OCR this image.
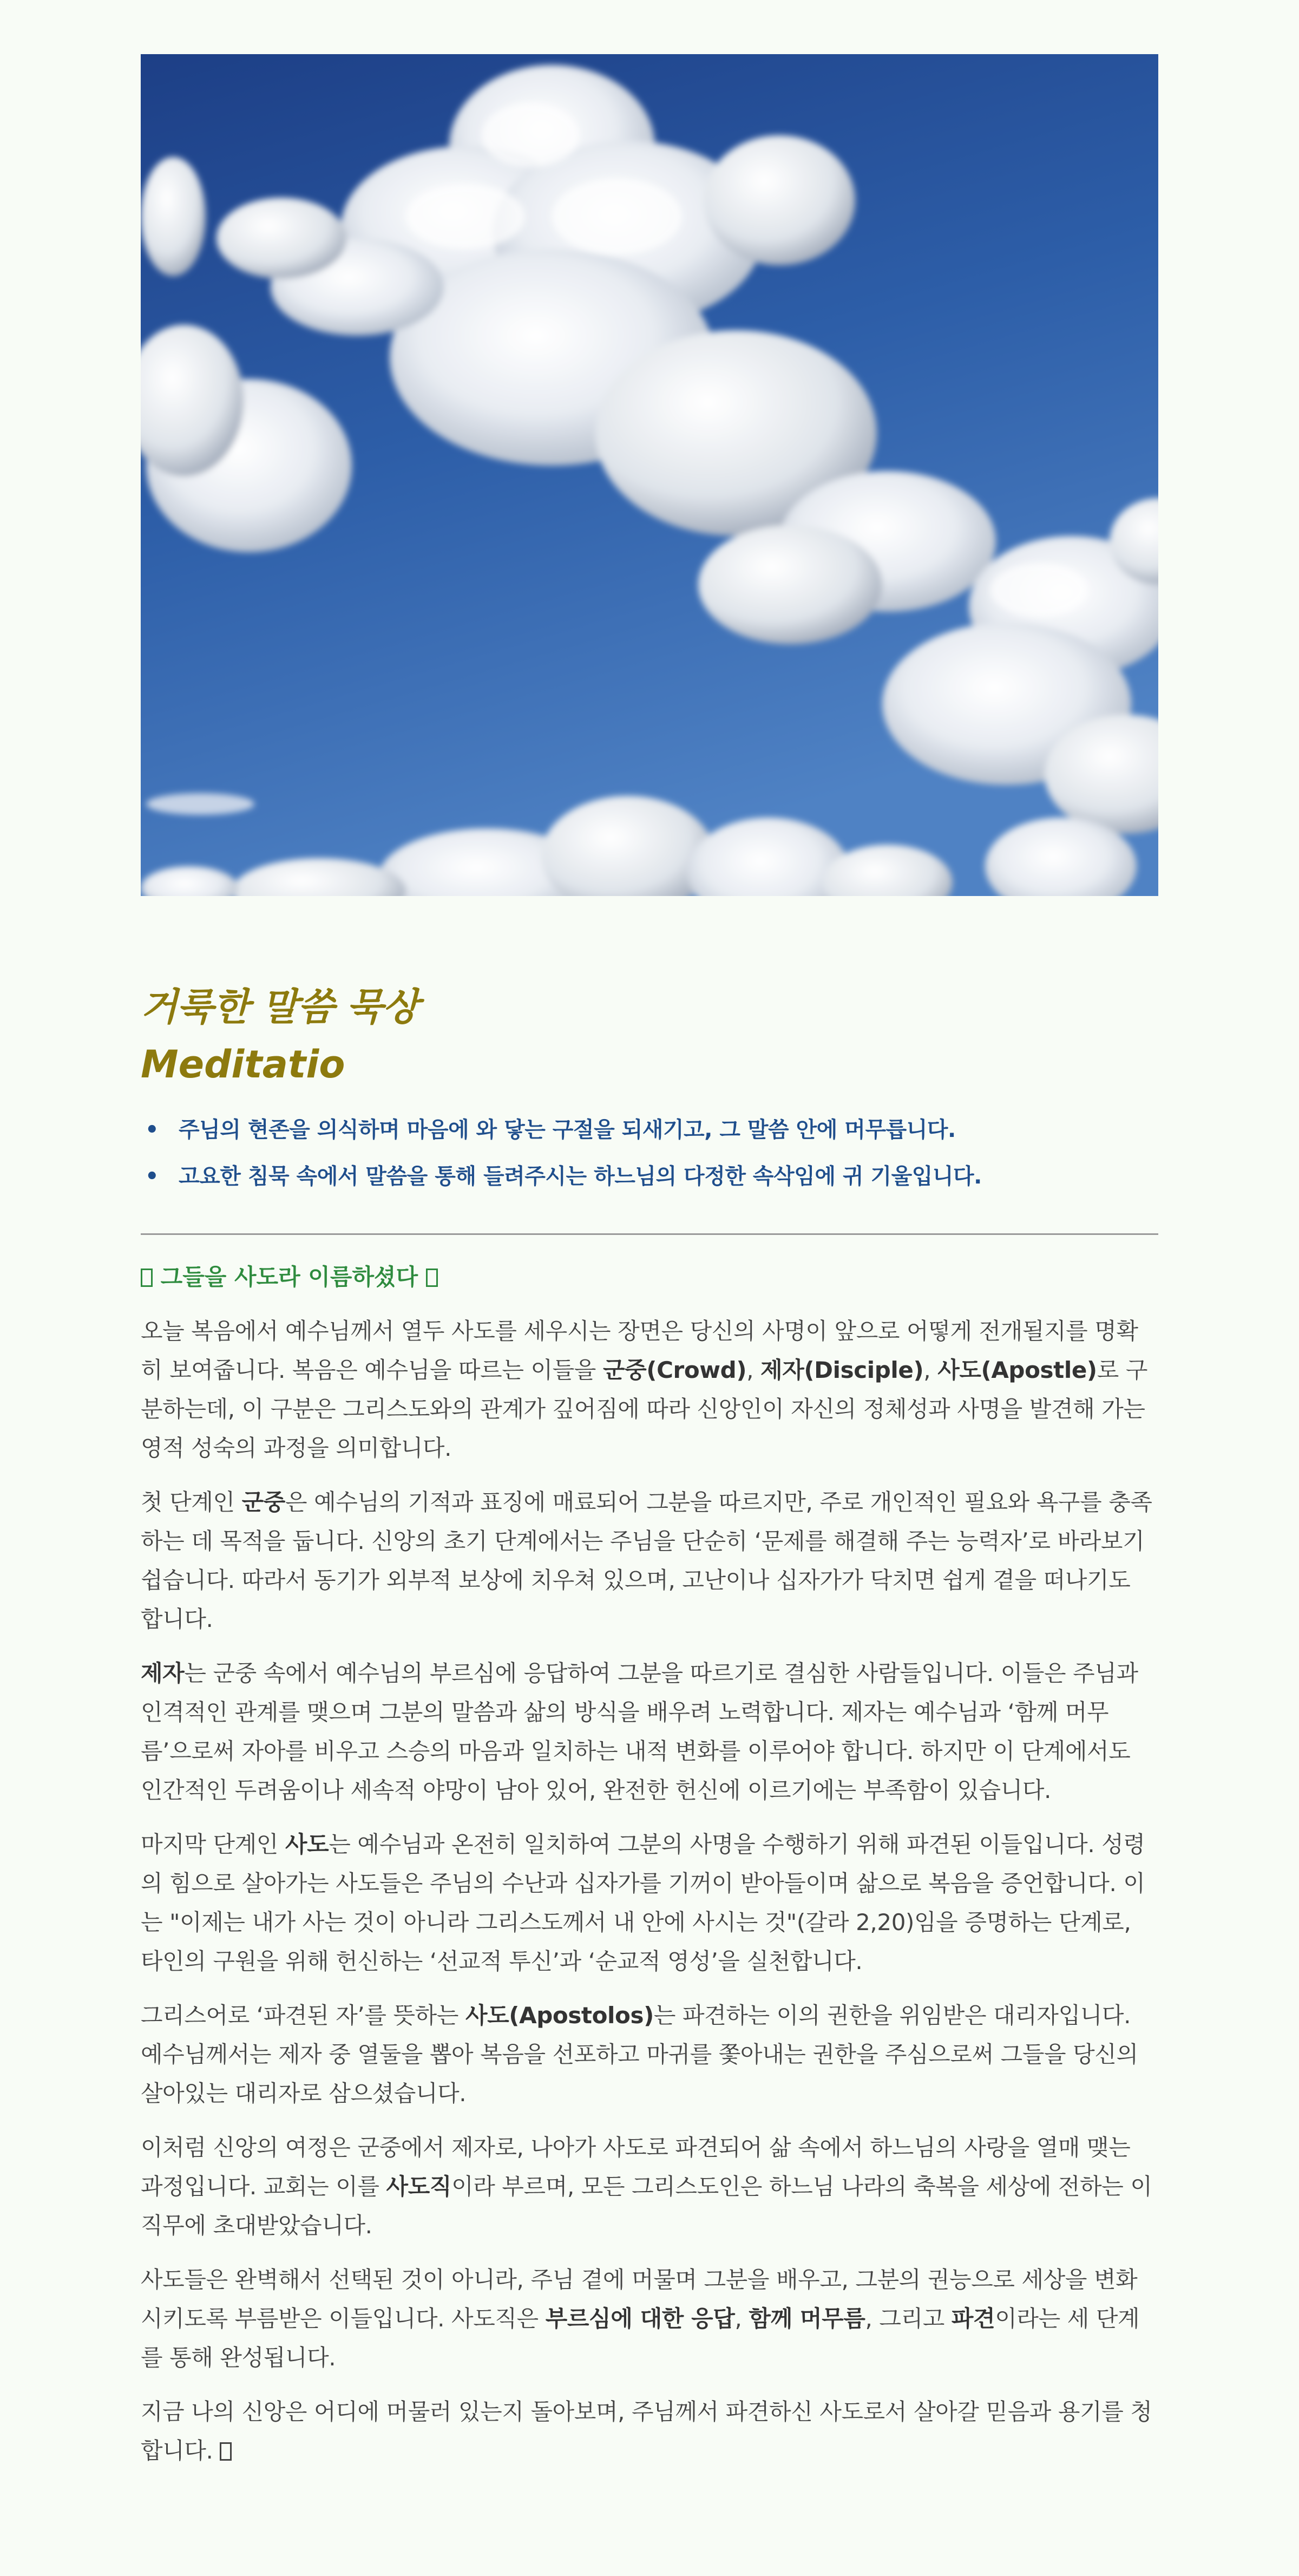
거룩한 말씀 묵상
Meditatio
• 주님의 현존을 의식하며 마음에 와 닿는 구절을 되새기고, 그 말씀 안에 머무릅니다.
• 고요한 침묵 속에서 말씀을 통해 들려주시는 하느님의 다정한 속삭임에 귀 기울입니다.
그들을 사도라 이름하셨다

오늘 복음에서 예수님께서 열두 사도를 세우시는 장면은 당신의 사명이 앞으로 어떻게 전개될지를 명확히 보여줍니다. 복음은 예수님을 따르는 이들을 군중(Crowd), 제자(Disciple), 사도(Apostle)로 구분하는데, 이 구분은 그리스도와의 관계가 깊어짐에 따라 신앙인이 자신의 정체성과 사명을 발견해 가는 영적 성숙의 과정을 의미합니다.

첫 단계인 군중은 예수님의 기적과 표징에 매료되어 그분을 따르지만, 주로 개인적인 필요와 욕구를 충족하는 데 목적을 둡니다. 신앙의 초기 단계에서는 주님을 단순히 ‘문제를 해결해 주는 능력자’로 바라보기 쉽습니다. 따라서 동기가 외부적 보상에 치우쳐 있으며, 고난이나 십자가가 닥치면 쉽게 곁을 떠나기도 합니다.

제자는 군중 속에서 예수님의 부르심에 응답하여 그분을 따르기로 결심한 사람들입니다. 이들은 주님과 인격적인 관계를 맺으며 그분의 말씀과 삶의 방식을 배우려 노력합니다. 제자는 예수님과 ‘함께 머무름’으로써 자아를 비우고 스승의 마음과 일치하는 내적 변화를 이루어야 합니다. 하지만 이 단계에서도 인간적인 두려움이나 세속적 야망이 남아 있어, 완전한 헌신에 이르기에는 부족함이 있습니다.

마지막 단계인 사도는 예수님과 온전히 일치하여 그분의 사명을 수행하기 위해 파견된 이들입니다. 성령의 힘으로 살아가는 사도들은 주님의 수난과 십자가를 기꺼이 받아들이며 삶으로 복음을 증언합니다. 이는 "이제는 내가 사는 것이 아니라 그리스도께서 내 안에 사시는 것"(갈라 2,20)임을 증명하는 단계로, 타인의 구원을 위해 헌신하는 ‘선교적 투신’과 ‘순교적 영성’을 실천합니다.

그리스어로 ‘파견된 자’를 뜻하는 사도(Apostolos)는 파견하는 이의 권한을 위임받은 대리자입니다. 예수님께서는 제자 중 열둘을 뽑아 복음을 선포하고 마귀를 쫓아내는 권한을 주심으로써 그들을 당신의 살아있는 대리자로 삼으셨습니다.

이처럼 신앙의 여정은 군중에서 제자로, 나아가 사도로 파견되어 삶 속에서 하느님의 사랑을 열매 맺는 과정입니다. 교회는 이를 사도직이라 부르며, 모든 그리스도인은 하느님 나라의 축복을 세상에 전하는 이 직무에 초대받았습니다.

사도들은 완벽해서 선택된 것이 아니라, 주님 곁에 머물며 그분을 배우고, 그분의 권능으로 세상을 변화시키도록 부름받은 이들입니다. 사도직은 부르심에 대한 응답, 함께 머무름, 그리고 파견이라는 세 단계를 통해 완성됩니다.

지금 나의 신앙은 어디에 머물러 있는지 돌아보며, 주님께서 파견하신 사도로서 살아갈 믿음과 용기를 청합니다.
